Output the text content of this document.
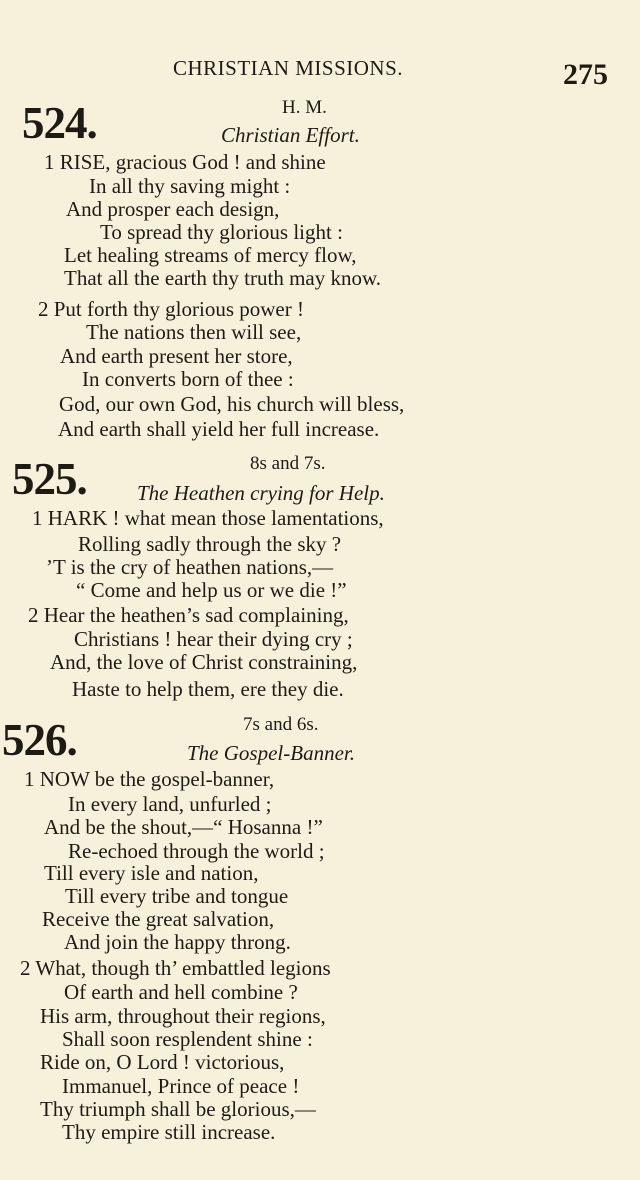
CHRISTIAN MISSIONS.	275
524.	H. M.
Christian Effort.
1 RISE, gracious God ! and shine
In all thy saving might :
And prosper each design,
To spread thy glorious light :
Let healing streams of mercy flow,
That all the earth thy truth may know.
2 Put forth thy glorious power !
The nations then will see,
And earth present her store,
In converts born of thee :
God, our own God, his church will bless,
And earth shall yield her full increase.
525.	8s and 7s.
The Heathen crying for Help.
1 HARK ! what mean those lamentations,
Rolling sadly through the sky ?
’T is the cry of heathen nations,—
“ Come and help us or we die !”
2 Hear the heathen’s sad complaining,
Christians ! hear their dying cry ;
And, the love of Christ constraining,
Haste to help them, ere they die.
526.	7s and 6s.
The Gospel-Banner.
1 NOW be the gospel-banner,
In every land, unfurled ;
And be the shout,—“ Hosanna !”
Re-echoed through the world ;
Till every isle and nation,
Till every tribe and tongue
Receive the great salvation,
And join the happy throng.
2 What, though th’ embattled legions
Of earth and hell combine ?
His arm, throughout their regions,
Shall soon resplendent shine :
Ride on, O Lord ! victorious,
Immanuel, Prince of peace !
Thy triumph shall be glorious,—
Thy empire still increase.
